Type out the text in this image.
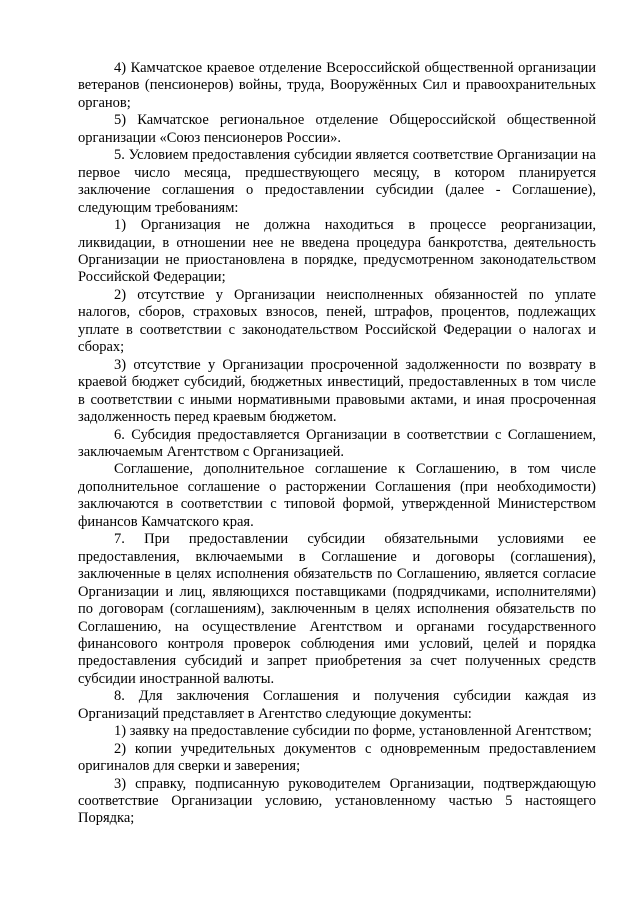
4) Камчатское краевое отделение Всероссийской общественной организации ветеранов (пенсионеров) войны, труда, Вооружённых Сил и правоохранительных органов;

5) Камчатское региональное отделение Общероссийской общественной организации «Союз пенсионеров России».

5. Условием предоставления субсидии является соответствие Организации на первое число месяца, предшествующего месяцу, в котором планируется заключение соглашения о предоставлении субсидии (далее - Соглашение), следующим требованиям:

1) Организация не должна находиться в процессе реорганизации, ликвидации, в отношении нее не введена процедура банкротства, деятельность Организации не приостановлена в порядке, предусмотренном законодательством Российской Федерации;

2) отсутствие у Организации неисполненных обязанностей по уплате налогов, сборов, страховых взносов, пеней, штрафов, процентов, подлежащих уплате в соответствии с законодательством Российской Федерации о налогах и сборах;

3) отсутствие у Организации просроченной задолженности по возврату в краевой бюджет субсидий, бюджетных инвестиций, предоставленных в том числе в соответствии с иными нормативными правовыми актами, и иная просроченная задолженность перед краевым бюджетом.

6. Субсидия предоставляется Организации в соответствии с Соглашением, заключаемым Агентством с Организацией.

Соглашение, дополнительное соглашение к Соглашению, в том числе дополнительное соглашение о расторжении Соглашения (при необходимости) заключаются в соответствии с типовой формой, утвержденной Министерством финансов Камчатского края.

7. При предоставлении субсидии обязательными условиями ее предоставления, включаемыми в Соглашение и договоры (соглашения), заключенные в целях исполнения обязательств по Соглашению, является согласие Организации и лиц, являющихся поставщиками (подрядчиками, исполнителями) по договорам (соглашениям), заключенным в целях исполнения обязательств по Соглашению, на осуществление Агентством и органами государственного финансового контроля проверок соблюдения ими условий, целей и порядка предоставления субсидий и запрет приобретения за счет полученных средств субсидии иностранной валюты.

8. Для заключения Соглашения и получения субсидии каждая из Организаций представляет в Агентство следующие документы:

1) заявку на предоставление субсидии по форме, установленной Агентством;

2) копии учредительных документов с одновременным предоставлением оригиналов для сверки и заверения;

3) справку, подписанную руководителем Организации, подтверждающую соответствие Организации условию, установленному частью 5 настоящего Порядка;
